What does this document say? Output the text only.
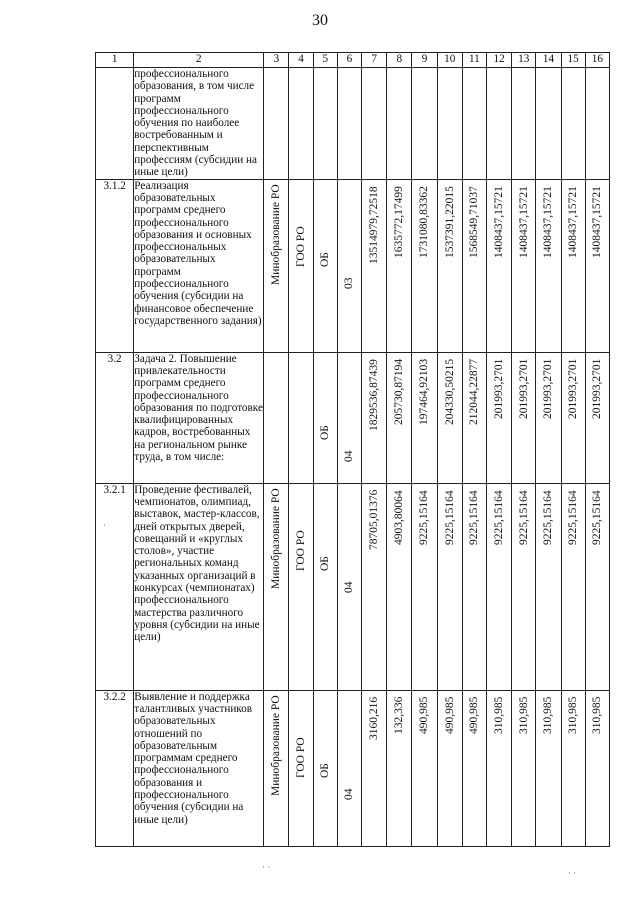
30
1	2	3	4	5	6	7	8	9	10	11	12	13	14	15	16
	профессионального образования, в том числе программ профессионального обучения по наиболее востребованным и перспективным профессиям (субсидии на иные цели)	

3.1.2	Реализация образовательных программ среднего профессионального образования и основных профессиональных образовательных программ профессионального обучения (субсидии на финансовое обеспечение государственного задания)	Минобразование РО	ГОО РО	ОБ	03	13514979,72518	1635772,17499	1731080,83362	1537391,22015	1568549,71037	1408437,15721	1408437,15721	1408437,15721	1408437,15721	1408437,15721

3.2	Задача 2. Повышение привлекательности программ среднего профессионального образования по подготовке квалифицированных кадров, востребованных на региональном рынке труда, в том числе:			ОБ	04	1829536,87439	205730,87194	197464,92103	204330,50215	212044,22877	201993,2701	201993,2701	201993,2701	201993,2701	201993,2701

3.2.1	Проведение фестивалей, чемпионатов, олимпиад, выставок, мастер-классов, дней открытых дверей, совещаний и «круглых столов», участие региональных команд указанных организаций в конкурсах (чемпионатах) профессионального мастерства различного уровня (субсидии на иные цели)	Минобразование РО	ГОО РО	ОБ	04	78705,01376	4903,80064	9225,15164	9225,15164	9225,15164	9225,15164	9225,15164	9225,15164	9225,15164	9225,15164

3.2.2	Выявление и поддержка талантливых участников образовательных отношений по образовательным программам среднего профессионального образования и профессионального обучения (субсидии на иные цели)	Минобразование РО	ГОО РО	ОБ	04	3160,216	132,336	490,985	490,985	490,985	310,985	310,985	310,985	310,985	310,985
·
· ·
· ·
